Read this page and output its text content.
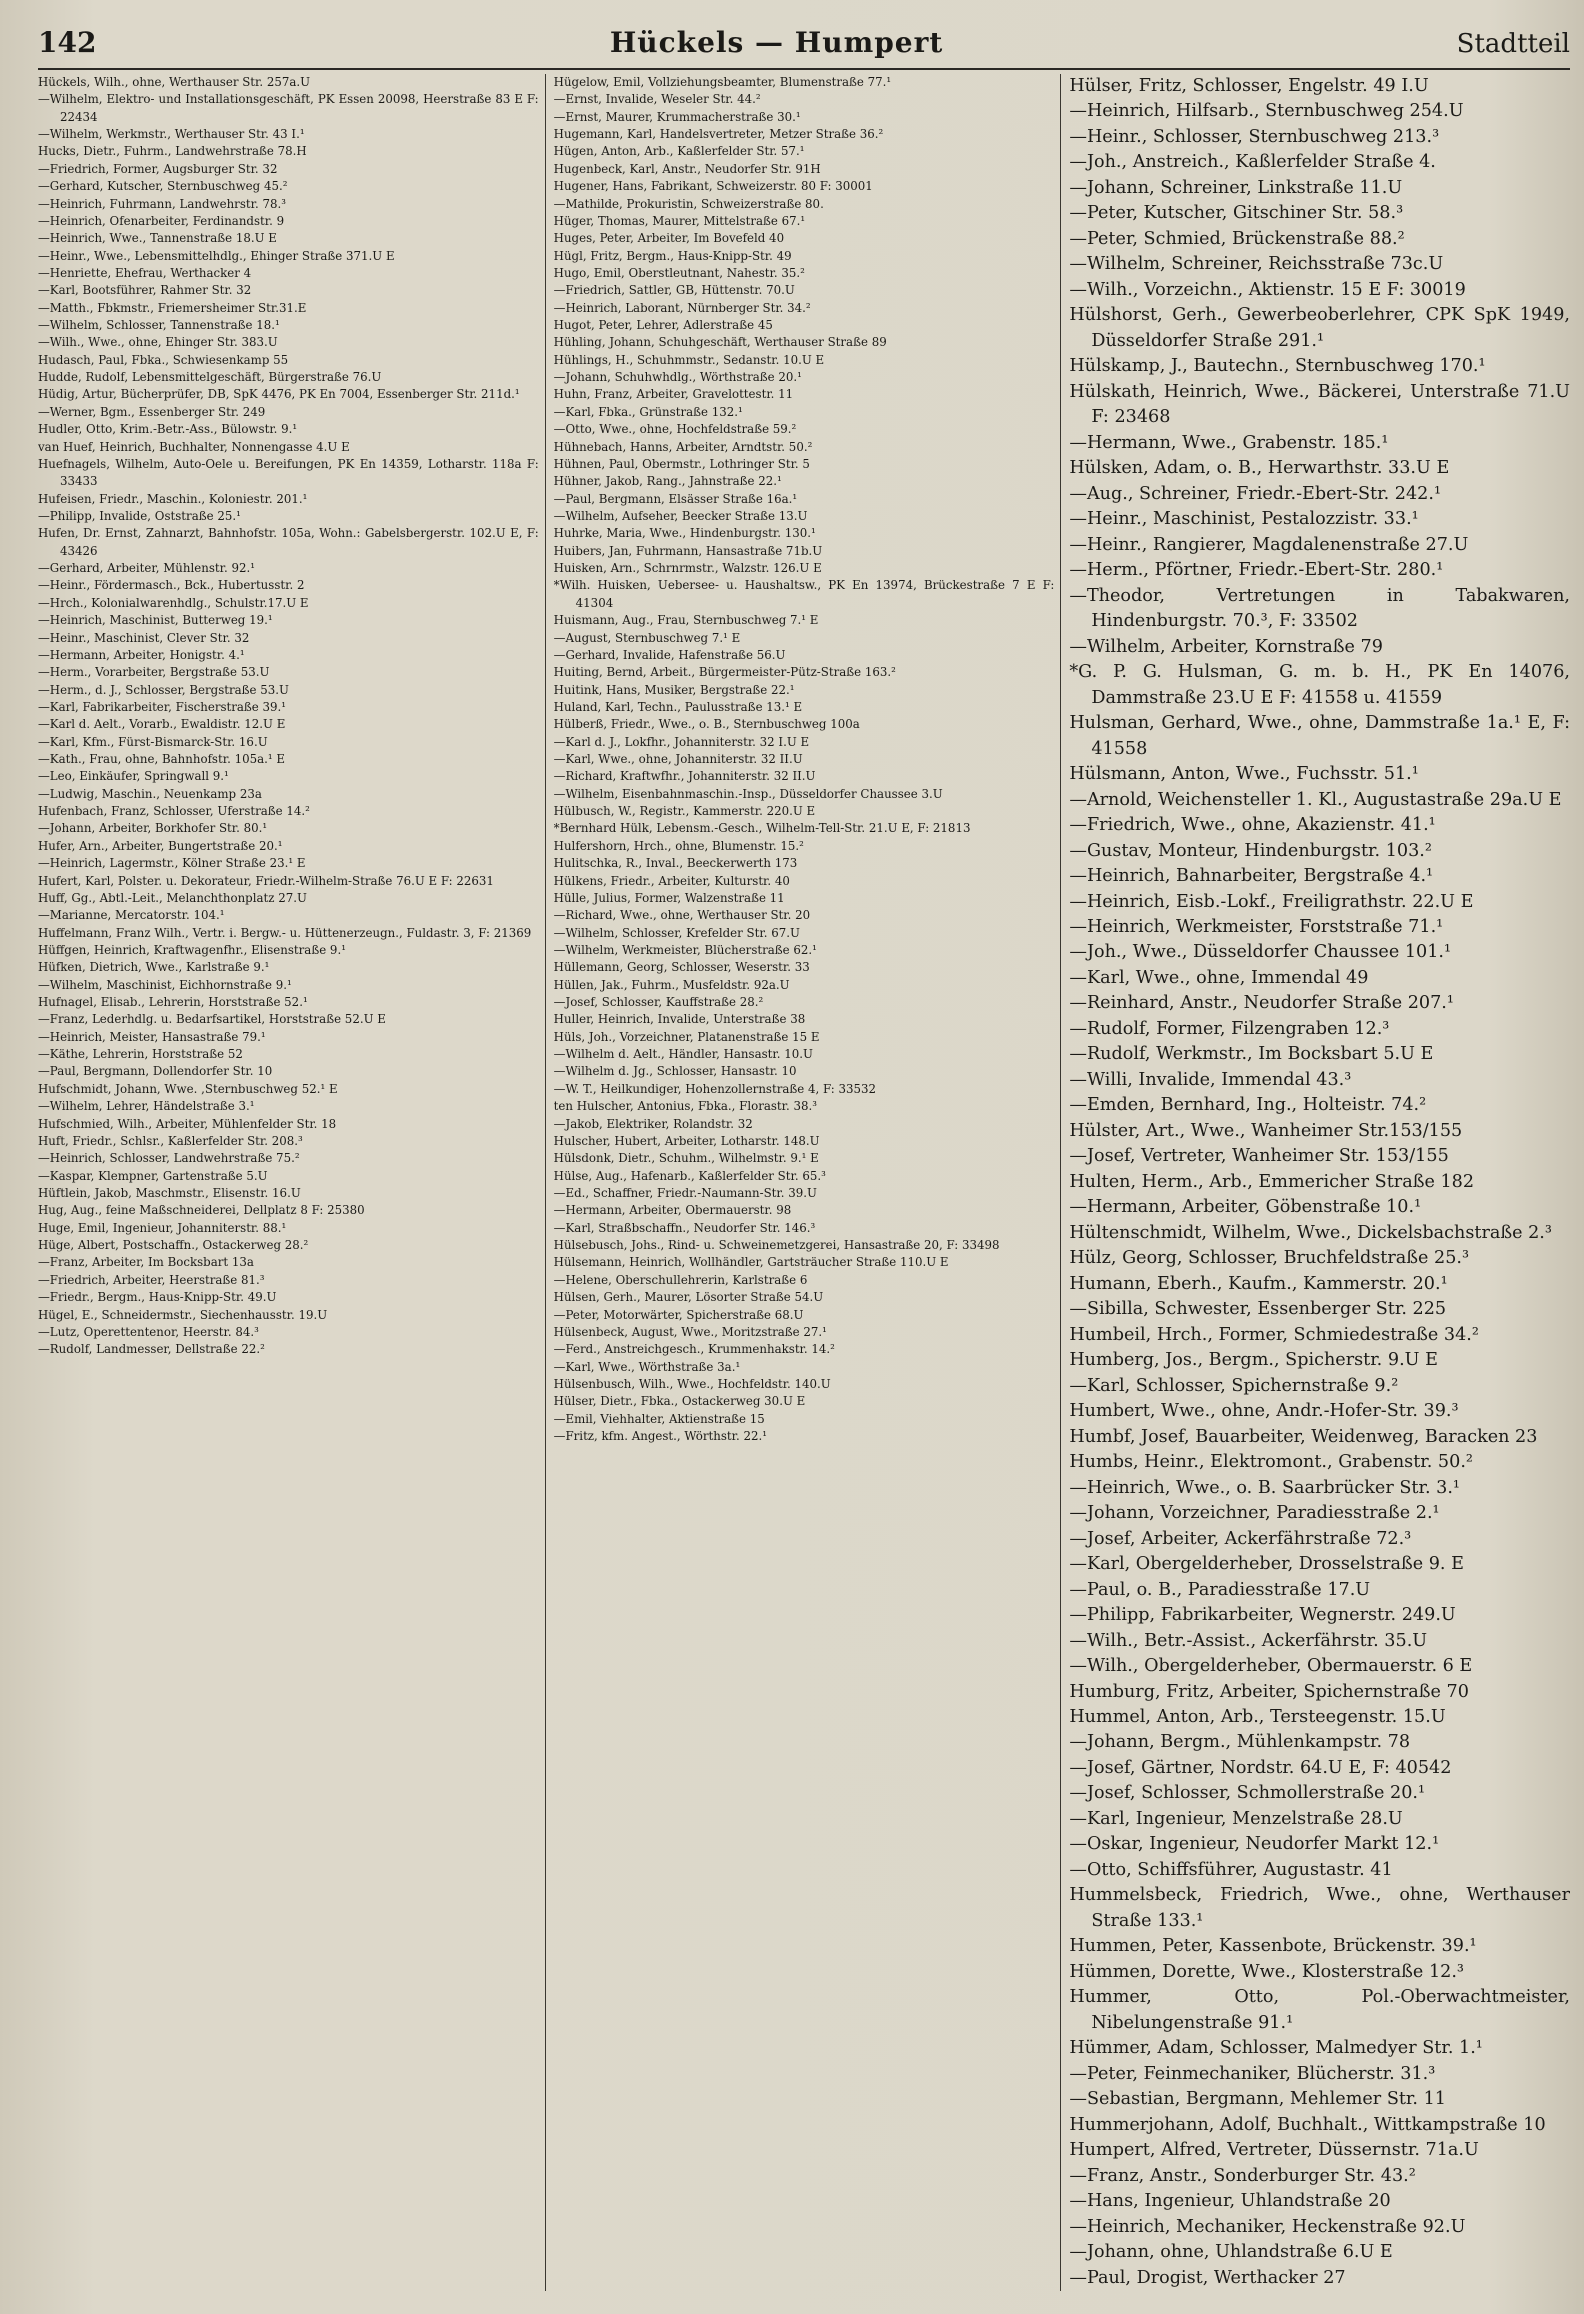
142	Hückels — Humpert	Stadtteil
Hückels, Wilh., ohne, Werthauser Str. 257a.U
—Wilhelm, Elektro- und Installationsgeschäft, PK Essen 20098, Heerstraße 83 E F: 22434
—Wilhelm, Werkmstr., Werthauser Str. 43 I.¹
Hucks, Dietr., Fuhrm., Landwehrstraße 78.H
—Friedrich, Former, Augsburger Str. 32
—Gerhard, Kutscher, Sternbuschweg 45.²
—Heinrich, Fuhrmann, Landwehrstr. 78.³
—Heinrich, Ofenarbeiter, Ferdinandstr. 9
—Heinrich, Wwe., Tannenstraße 18.U E
—Heinr., Wwe., Lebensmittelhdlg., Ehinger Straße 371.U E
—Henriette, Ehefrau, Werthacker 4
—Karl, Bootsführer, Rahmer Str. 32
—Matth., Fbkmstr., Friemersheimer Str.31.E
—Wilhelm, Schlosser, Tannenstraße 18.¹
—Wilh., Wwe., ohne, Ehinger Str. 383.U
Hudasch, Paul, Fbka., Schwiesenkamp 55
Hudde, Rudolf, Lebensmittelgeschäft, Bürgerstraße 76.U
Hüdig, Artur, Bücherprüfer, DB, SpK 4476, PK En 7004, Essenberger Str. 211d.¹
—Werner, Bgm., Essenberger Str. 249
Hudler, Otto, Krim.-Betr.-Ass., Bülowstr. 9.¹
van Huef, Heinrich, Buchhalter, Nonnengasse 4.U E
Huefnagels, Wilhelm, Auto-Oele u. Bereifungen, PK En 14359, Lotharstr. 118a F: 33433
Hufeisen, Friedr., Maschin., Koloniestr. 201.¹
—Philipp, Invalide, Oststraße 25.¹
Hufen, Dr. Ernst, Zahnarzt, Bahnhofstr. 105a, Wohn.: Gabelsbergerstr. 102.U E, F: 43426
—Gerhard, Arbeiter, Mühlenstr. 92.¹
—Heinr., Fördermasch., Bck., Hubertusstr. 2
—Hrch., Kolonialwarenhdlg., Schulstr.17.U E
—Heinrich, Maschinist, Butterweg 19.¹
—Heinr., Maschinist, Clever Str. 32
—Hermann, Arbeiter, Honigstr. 4.¹
—Herm., Vorarbeiter, Bergstraße 53.U
—Herm., d. J., Schlosser, Bergstraße 53.U
—Karl, Fabrikarbeiter, Fischerstraße 39.¹
—Karl d. Aelt., Vorarb., Ewaldistr. 12.U E
—Karl, Kfm., Fürst-Bismarck-Str. 16.U
—Kath., Frau, ohne, Bahnhofstr. 105a.¹ E
—Leo, Einkäufer, Springwall 9.¹
—Ludwig, Maschin., Neuenkamp 23a
Hufenbach, Franz, Schlosser, Uferstraße 14.²
—Johann, Arbeiter, Borkhofer Str. 80.¹
Hufer, Arn., Arbeiter, Bungertstraße 20.¹
—Heinrich, Lagermstr., Kölner Straße 23.¹ E
Hufert, Karl, Polster. u. Dekorateur, Friedr.-Wilhelm-Straße 76.U E F: 22631
Huff, Gg., Abtl.-Leit., Melanchthonplatz 27.U
—Marianne, Mercatorstr. 104.¹
Huffelmann, Franz Wilh., Vertr. i. Bergw.- u. Hüttenerzeugn., Fuldastr. 3, F: 21369
Hüffgen, Heinrich, Kraftwagenfhr., Elisenstraße 9.¹
Hüfken, Dietrich, Wwe., Karlstraße 9.¹
—Wilhelm, Maschinist, Eichhornstraße 9.¹
Hufnagel, Elisab., Lehrerin, Horststraße 52.¹
—Franz, Lederhdlg. u. Bedarfsartikel, Horststraße 52.U E
—Heinrich, Meister, Hansastraße 79.¹
—Käthe, Lehrerin, Horststraße 52
—Paul, Bergmann, Dollendorfer Str. 10
Hufschmidt, Johann, Wwe. ,Sternbuschweg 52.¹ E
—Wilhelm, Lehrer, Händelstraße 3.¹
Hufschmied, Wilh., Arbeiter, Mühlenfelder Str. 18
Huft, Friedr., Schlsr., Kaßlerfelder Str. 208.³
—Heinrich, Schlosser, Landwehrstraße 75.²
—Kaspar, Klempner, Gartenstraße 5.U
Hüftlein, Jakob, Maschmstr., Elisenstr. 16.U
Hug, Aug., feine Maßschneiderei, Dellplatz 8 F: 25380
Huge, Emil, Ingenieur, Johanniterstr. 88.¹
Hüge, Albert, Postschaffn., Ostackerweg 28.²
—Franz, Arbeiter, Im Bocksbart 13a
—Friedrich, Arbeiter, Heerstraße 81.³
—Friedr., Bergm., Haus-Knipp-Str. 49.U
Hügel, E., Schneidermstr., Siechenhausstr. 19.U
—Lutz, Operettentenor, Heerstr. 84.³
—Rudolf, Landmesser, Dellstraße 22.²
Hügelow, Emil, Vollziehungsbeamter, Blumenstraße 77.¹
—Ernst, Invalide, Weseler Str. 44.²
—Ernst, Maurer, Krummacherstraße 30.¹
Hugemann, Karl, Handelsvertreter, Metzer Straße 36.²
Hügen, Anton, Arb., Kaßlerfelder Str. 57.¹
Hugenbeck, Karl, Anstr., Neudorfer Str. 91H
Hugener, Hans, Fabrikant, Schweizerstr. 80 F: 30001
—Mathilde, Prokuristin, Schweizerstraße 80.
Hüger, Thomas, Maurer, Mittelstraße 67.¹
Huges, Peter, Arbeiter, Im Bovefeld 40
Hügl, Fritz, Bergm., Haus-Knipp-Str. 49
Hugo, Emil, Oberstleutnant, Nahestr. 35.²
—Friedrich, Sattler, GB, Hüttenstr. 70.U
—Heinrich, Laborant, Nürnberger Str. 34.²
Hugot, Peter, Lehrer, Adlerstraße 45
Hühling, Johann, Schuhgeschäft, Werthauser Straße 89
Hühlings, H., Schuhmmstr., Sedanstr. 10.U E
—Johann, Schuhwhdlg., Wörthstraße 20.¹
Huhn, Franz, Arbeiter, Gravelottestr. 11
—Karl, Fbka., Grünstraße 132.¹
—Otto, Wwe., ohne, Hochfeldstraße 59.²
Hühnebach, Hanns, Arbeiter, Arndtstr. 50.²
Hühnen, Paul, Obermstr., Lothringer Str. 5
Hühner, Jakob, Rang., Jahnstraße 22.¹
—Paul, Bergmann, Elsässer Straße 16a.¹
—Wilhelm, Aufseher, Beecker Straße 13.U
Huhrke, Maria, Wwe., Hindenburgstr. 130.¹
Huibers, Jan, Fuhrmann, Hansastraße 71b.U
Huisken, Arn., Schrnrmstr., Walzstr. 126.U E
*Wilh. Huisken, Ueberseе- u. Haushaltsw., PK En 13974, Brückestraße 7 E F: 41304
Huismann, Aug., Frau, Sternbuschweg 7.¹ E
—August, Sternbuschweg 7.¹ E
—Gerhard, Invalide, Hafenstraße 56.U
Huiting, Bernd, Arbeit., Bürgermeister-Pütz-Straße 163.²
Huitink, Hans, Musiker, Bergstraße 22.¹
Huland, Karl, Techn., Paulusstraße 13.¹ E
Hülberß, Friedr., Wwe., o. B., Sternbuschweg 100a
—Karl d. J., Lokfhr., Johanniterstr. 32 I.U E
—Karl, Wwe., ohne, Johanniterstr. 32 II.U
—Richard, Kraftwfhr., Johanniterstr. 32 II.U
—Wilhelm, Eisenbahnmaschin.-Insp., Düsseldorfer Chaussee 3.U
Hülbusch, W., Registr., Kammerstr. 220.U E
*Bernhard Hülk, Lebensm.-Gesch., Wilhelm-Tell-Str. 21.U E, F: 21813
Hulfershorn, Hrch., ohne, Blumenstr. 15.²
Hulitschka, R., Inval., Beeckerwerth 173
Hülkens, Friedr., Arbeiter, Kulturstr. 40
Hülle, Julius, Former, Walzenstraße 11
—Richard, Wwe., ohne, Werthauser Str. 20
—Wilhelm, Schlosser, Krefelder Str. 67.U
—Wilhelm, Werkmeister, Blücherstraße 62.¹
Hüllemann, Georg, Schlosser, Weserstr. 33
Hüllen, Jak., Fuhrm., Musfeldstr. 92a.U
—Josef, Schlosser, Kauffstraße 28.²
Huller, Heinrich, Invalide, Unterstraße 38
Hüls, Joh., Vorzeichner, Platanenstraße 15 E
—Wilhelm d. Aelt., Händler, Hansastr. 10.U
—Wilhelm d. Jg., Schlosser, Hansastr. 10
—W. T., Heilkundiger, Hohenzollernstraße 4, F: 33532
ten Hulscher, Antonius, Fbka., Florastr. 38.³
—Jakob, Elektriker, Rolandstr. 32
Hulscher, Hubert, Arbeiter, Lotharstr. 148.U
Hülsdonk, Dietr., Schuhm., Wilhelmstr. 9.¹ E
Hülse, Aug., Hafenarb., Kaßlerfelder Str. 65.³
—Ed., Schaffner, Friedr.-Naumann-Str. 39.U
—Hermann, Arbeiter, Obermauerstr. 98
—Karl, Straßbschaffn., Neudorfer Str. 146.³
Hülsebusch, Johs., Rind- u. Schweinemetzgerei, Hansastraße 20, F: 33498
Hülsemann, Heinrich, Wollhändler, Gartsträucher Straße 110.U E
—Helene, Oberschullehrerin, Karlstraße 6
Hülsen, Gerh., Maurer, Lösorter Straße 54.U
—Peter, Motorwärter, Spicherstraße 68.U
Hülsenbeck, August, Wwe., Moritzstraße 27.¹
—Ferd., Anstreichgesch., Krummenhakstr. 14.²
—Karl, Wwe., Wörthstraße 3a.¹
Hülsenbusch, Wilh., Wwe., Hochfeldstr. 140.U
Hülser, Dietr., Fbka., Ostackerweg 30.U E
—Emil, Viehhalter, Aktienstraße 15
—Fritz, kfm. Angest., Wörthstr. 22.¹
Hülser, Fritz, Schlosser, Engelstr. 49 I.U
—Heinrich, Hilfsarb., Sternbuschweg 254.U
—Heinr., Schlosser, Sternbuschweg 213.³
—Joh., Anstreich., Kaßlerfelder Straße 4.
—Johann, Schreiner, Linkstraße 11.U
—Peter, Kutscher, Gitschiner Str. 58.³
—Peter, Schmied, Brückenstraße 88.²
—Wilhelm, Schreiner, Reichsstraße 73c.U
—Wilh., Vorzeichn., Aktienstr. 15 E F: 30019
Hülshorst, Gerh., Gewerbeoberlehrer, CPK SpK 1949, Düsseldorfer Straße 291.¹
Hülskamp, J., Bautechn., Sternbuschweg 170.¹
Hülskath, Heinrich, Wwe., Bäckerei, Unterstraße 71.U F: 23468
—Hermann, Wwe., Grabenstr. 185.¹
Hülsken, Adam, o. B., Herwarthstr. 33.U E
—Aug., Schreiner, Friedr.-Ebert-Str. 242.¹
—Heinr., Maschinist, Pestalozzistr. 33.¹
—Heinr., Rangierer, Magdalenenstraße 27.U
—Herm., Pförtner, Friedr.-Ebert-Str. 280.¹
—Theodor, Vertretungen in Tabakwaren, Hindenburgstr. 70.³, F: 33502
—Wilhelm, Arbeiter, Kornstraße 79
*G. P. G. Hulsman, G. m. b. H., PK En 14076, Dammstraße 23.U E F: 41558 u. 41559
Hulsman, Gerhard, Wwe., ohne, Dammstraße 1a.¹ E, F: 41558
Hülsmann, Anton, Wwe., Fuchsstr. 51.¹
—Arnold, Weichensteller 1. Kl., Augustastraße 29a.U E
—Friedrich, Wwe., ohne, Akazienstr. 41.¹
—Gustav, Monteur, Hindenburgstr. 103.²
—Heinrich, Bahnarbeiter, Bergstraße 4.¹
—Heinrich, Eisb.-Lokf., Freiligrathstr. 22.U E
—Heinrich, Werkmeister, Forststraße 71.¹
—Joh., Wwe., Düsseldorfer Chaussee 101.¹
—Karl, Wwe., ohne, Immendal 49
—Reinhard, Anstr., Neudorfer Straße 207.¹
—Rudolf, Former, Filzengraben 12.³
—Rudolf, Werkmstr., Im Bocksbart 5.U E
—Willi, Invalide, Immendal 43.³
—Emden, Bernhard, Ing., Holteistr. 74.²
Hülster, Art., Wwe., Wanheimer Str.153/155
—Josef, Vertreter, Wanheimer Str. 153/155
Hulten, Herm., Arb., Emmericher Straße 182
—Hermann, Arbeiter, Göbenstraße 10.¹
Hültenschmidt, Wilhelm, Wwe., Dickelsbachstraße 2.³
Hülz, Georg, Schlosser, Bruchfeldstraße 25.³
Humann, Eberh., Kaufm., Kammerstr. 20.¹
—Sibilla, Schwester, Essenberger Str. 225
Humbeil, Hrch., Former, Schmiedestraße 34.²
Humberg, Jos., Bergm., Spicherstr. 9.U E
—Karl, Schlosser, Spichernstraße 9.²
Humbert, Wwe., ohne, Andr.-Hofer-Str. 39.³
Humbf, Josef, Bauarbeiter, Weidenweg, Baracken 23
Humbs, Heinr., Elektromont., Grabenstr. 50.²
—Heinrich, Wwe., o. B. Saarbrücker Str. 3.¹
—Johann, Vorzeichner, Paradiesstraße 2.¹
—Josef, Arbeiter, Ackerfährstraße 72.³
—Karl, Obergelderheber, Drosselstraße 9. E
—Paul, o. B., Paradiesstraße 17.U
—Philipp, Fabrikarbeiter, Wegnerstr. 249.U
—Wilh., Betr.-Assist., Ackerfährstr. 35.U
—Wilh., Obergelderheber, Obermauerstr. 6 E
Humburg, Fritz, Arbeiter, Spichernstraße 70
Hummel, Anton, Arb., Tersteegenstr. 15.U
—Johann, Bergm., Mühlenkampstr. 78
—Josef, Gärtner, Nordstr. 64.U E, F: 40542
—Josef, Schlosser, Schmollerstraße 20.¹
—Karl, Ingenieur, Menzelstraße 28.U
—Oskar, Ingenieur, Neudorfer Markt 12.¹
—Otto, Schiffsführer, Augustastr. 41
Hummelsbeck, Friedrich, Wwe., ohne, Werthauser Straße 133.¹
Hummen, Peter, Kassenbote, Brückenstr. 39.¹
Hümmen, Dorette, Wwe., Klosterstraße 12.³
Hummer, Otto, Pol.-Oberwachtmeister, Nibelungenstraße 91.¹
Hümmer, Adam, Schlosser, Malmedyer Str. 1.¹
—Peter, Feinmechaniker, Blücherstr. 31.³
—Sebastian, Bergmann, Mehlemer Str. 11
Hummerjohann, Adolf, Buchhalt., Wittkampstraße 10
Humpert, Alfred, Vertreter, Düssernstr. 71a.U
—Franz, Anstr., Sonderburger Str. 43.²
—Hans, Ingenieur, Uhlandstraße 20
—Heinrich, Mechaniker, Heckenstraße 92.U
—Johann, ohne, Uhlandstraße 6.U E
—Paul, Drogist, Werthacker 27
